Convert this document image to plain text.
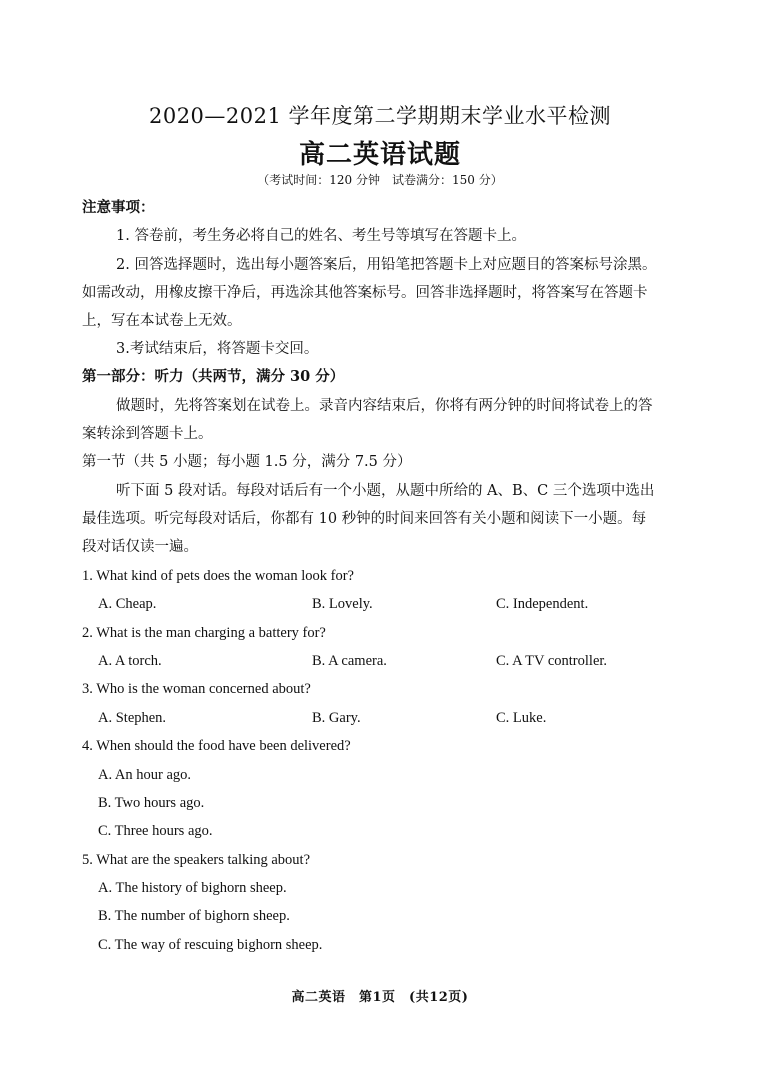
2020—2021 学年度第二学期期末学业水平检测
高二英语试题
（考试时间：120 分钟　试卷满分：150 分）
注意事项：
1. 答卷前，考生务必将自己的姓名、考生号等填写在答题卡上。
2. 回答选择题时，选出每小题答案后，用铅笔把答题卡上对应题目的答案标号涂黑。
如需改动，用橡皮擦干净后，再选涂其他答案标号。回答非选择题时，将答案写在答题卡
上，写在本试卷上无效。
3.考试结束后，将答题卡交回。
第一部分：听力（共两节，满分 30 分）
做题时，先将答案划在试卷上。录音内容结束后，你将有两分钟的时间将试卷上的答
案转涂到答题卡上。
第一节（共 5 小题；每小题 1.5 分，满分 7.5 分）
听下面 5 段对话。每段对话后有一个小题，从题中所给的 A、B、C 三个选项中选出
最佳选项。听完每段对话后，你都有 10 秒钟的时间来回答有关小题和阅读下一小题。每
段对话仅读一遍。
1. What kind of pets does the woman look for?
A. Cheap.	B. Lovely.	C. Independent.
2. What is the man charging a battery for?
A. A torch.	B. A camera.	C. A TV controller.
3. Who is the woman concerned about?
A. Stephen.	B. Gary.	C. Luke.
4. When should the food have been delivered?
A. An hour ago.
B. Two hours ago.
C. Three hours ago.
5. What are the speakers talking about?
A. The history of bighorn sheep.
B. The number of bighorn sheep.
C. The way of rescuing bighorn sheep.
高二英语　第1页　(共12页)
